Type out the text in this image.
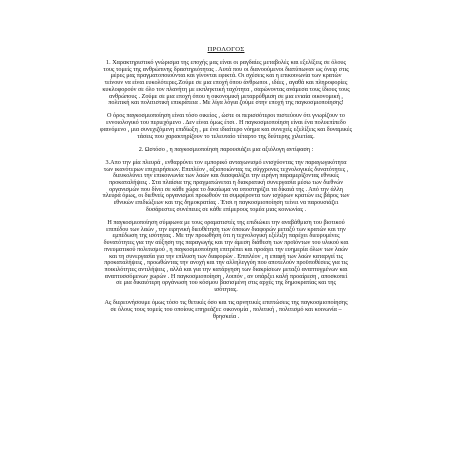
ΠΡΟΛΟΓΟΣ
1. Χαρακτηριστικό γνώρισμα της εποχής μας είναι οι ραγδαίες μεταβολές και εξελίξεις σε όλους
τους τομείς της ανθρώπινης δραστηριότητας . Αυτά που οι διανοούμενοι διατύπωναν ως όνειρ στις
μέρες μας πραγματοποιούνται και γίνονται εφικτά. Οι σχέσεις και η επικοινωνία των κρατών
τείνουν να είναι ευκολότερες.Ζούμε σε μια εποχή όπου άνθρωποι , ιδέες , αγαθά και πληροφορίες
κυκλοφορούν σε όλο τον πλανήτη με εκπληκτική ταχύτητα , σαρώνοντας ανάμεσα τους ίδιους τους
ανθρώπους . Ζούμε σε μια εποχή όπου η οικονομική μεταρρύθμιση σε μια ενιαία οικονομική ,
πολιτική και πολιτιστική επικράτεια . Με λίγα λόγια ζούμε στην εποχή της παγκοσμιοποίησης!
Ο όρος παγκοσμιοποίηση είναι τόσο οικείος , ώστε οι περισσότεροι πιστεύουν ότι γνωρίζουν το
εννοιολογικό του περιεχόμενο . Δεν είναι όμως έτσι . Η παγκοσμιοποίηση είναι ένα πολυεπίπεδο
φαινόμενο , μια συνεχιζόμενη επιδίωξη , με ένα ιδιαίτερο νόημα και συνεχείς εξελίξεις και δυναμικές
τάσεις που χαρακτηρίζουν το τελευταίο τέταρτο της δεύτερης χιλιετίας.
2. Ωστόσο , η παγκοσμιοποίηση παρουσιάζει μια αξιόλογη αντίφαση :
3.Απο την μία πλευρά , ενθαρρύνει τον εμπορικό ανταγωνισμό ενισχύοντας την παραγωγικότητα
των ικανότερων επιχειρήσεων. Επιπλέον , αξιοποιώντας τις σύγχρονες τεχνολογικές δυνατότητες ,
διευκολύνει την επικοινωνία των λαών και διασφαλίζει την ειρήνη παραμερίζοντας εθνικές
προκαταλήψεις . Στα πλαίσια της πραγματώνεται η διακρατική συνεργασία μέσω των διεθνών
οργανισμών που δίνει σε κάθε χώρα το δικαίωμα να υποστηρίζει τα δίκαιά της . Από την άλλη
πλευρά όμως, οι διεθνείς οργανισμοί προωθούν τα συμφέροντα των ισχύρων κρατών εις βάρος των
εθνικών επιδιώξεων και της δημοκρατίας . Έτσι η παγκοσμιοποίηση τείνει να παρουσιάζει
δυσάρεστες συνέπειες σε κάθε επίμερους τομέα μιας κοινωνίας .
Η παγκοσμιοποίηση σύμφωνα με τους οραματιστές της επιδιώκει την αναβάθμιση του βιοτικού
επιπέδου των λαών , την ειρηνική διευθέτηση των όποιων διαφορών μεταξύ των κρατών και την
εμπέδωση της ισότητας . Με την προωθήση ότι η τεχνολογική εξέλιξη παρέχει διευρυμένες
δυνατότητες για την αύξηση της παραγωγής και την άμεση διάθεση των προϊόντων του υλικού και
πνευματικού πολιτισμού , η παγκοσμιοποίηση επιτρέπει και προάγει την ευημερία όλων των λαών
και τη συνεργασία για την επίλυση των διαφορών . Επιπλέον , η επαφή των λαών καταργεί τις
προκαταλήψεις , προωθώντας την ανοχή και την αλληλεγγύη που αποτελούν προϋποθέσεις για τις
ποικιλότητες αντιλήψεις , αλλά και για την κατάργηση των διακρίσεων μεταξύ αναπτυγμένων και
αναπτυσσόμενων χωρών . Η παγκοσμιοποίηση , λοιπόν , αν υπάρξει καλή προαίρεση , αποσκοπεί
σε μια δικαιότερη οργάνωση του κόσμου βασισμένη στις αρχές της δημοκρατίας και της
ισότητας.
Ας διερευνήσουμε όμως τόσο τις θετικές όσο και τις αρνητικές επιπτώσεις της παγκοσμιοποίησης
σε όλους τους τομείς του οποίους επηρεάζει: οικονομία , πολιτική , πολιτισμό και κοινωνία –
θρησκεία .
